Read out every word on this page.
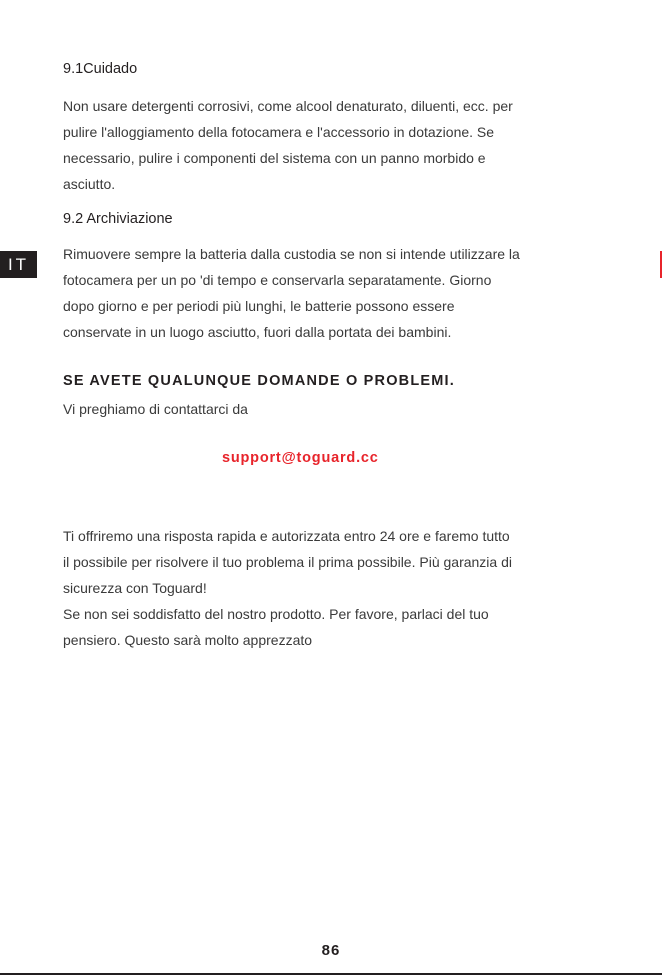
IT
9.1Cuidado

Non usare detergenti corrosivi, come alcool denaturato, diluenti, ecc. per
pulire l'alloggiamento della fotocamera e l'accessorio in dotazione. Se
necessario, pulire i componenti del sistema con un panno morbido e
asciutto.

9.2 Archiviazione

Rimuovere sempre la batteria dalla custodia se non si intende utilizzare la
fotocamera per un po 'di tempo e conservarla separatamente. Giorno
dopo giorno e per periodi più lunghi, le batterie possono essere
conservate in un luogo asciutto, fuori dalla portata dei bambini.

SE AVETE QUALUNQUE DOMANDE O PROBLEMI.

Vi preghiamo di contattarci da

support@toguard.cc

Ti offriremo una risposta rapida e autorizzata entro 24 ore e faremo tutto
il possibile per risolvere il tuo problema il prima possibile. Più garanzia di
sicurezza con Toguard!
Se non sei soddisfatto del nostro prodotto. Per favore, parlaci del tuo
pensiero. Questo sarà molto apprezzato

86
